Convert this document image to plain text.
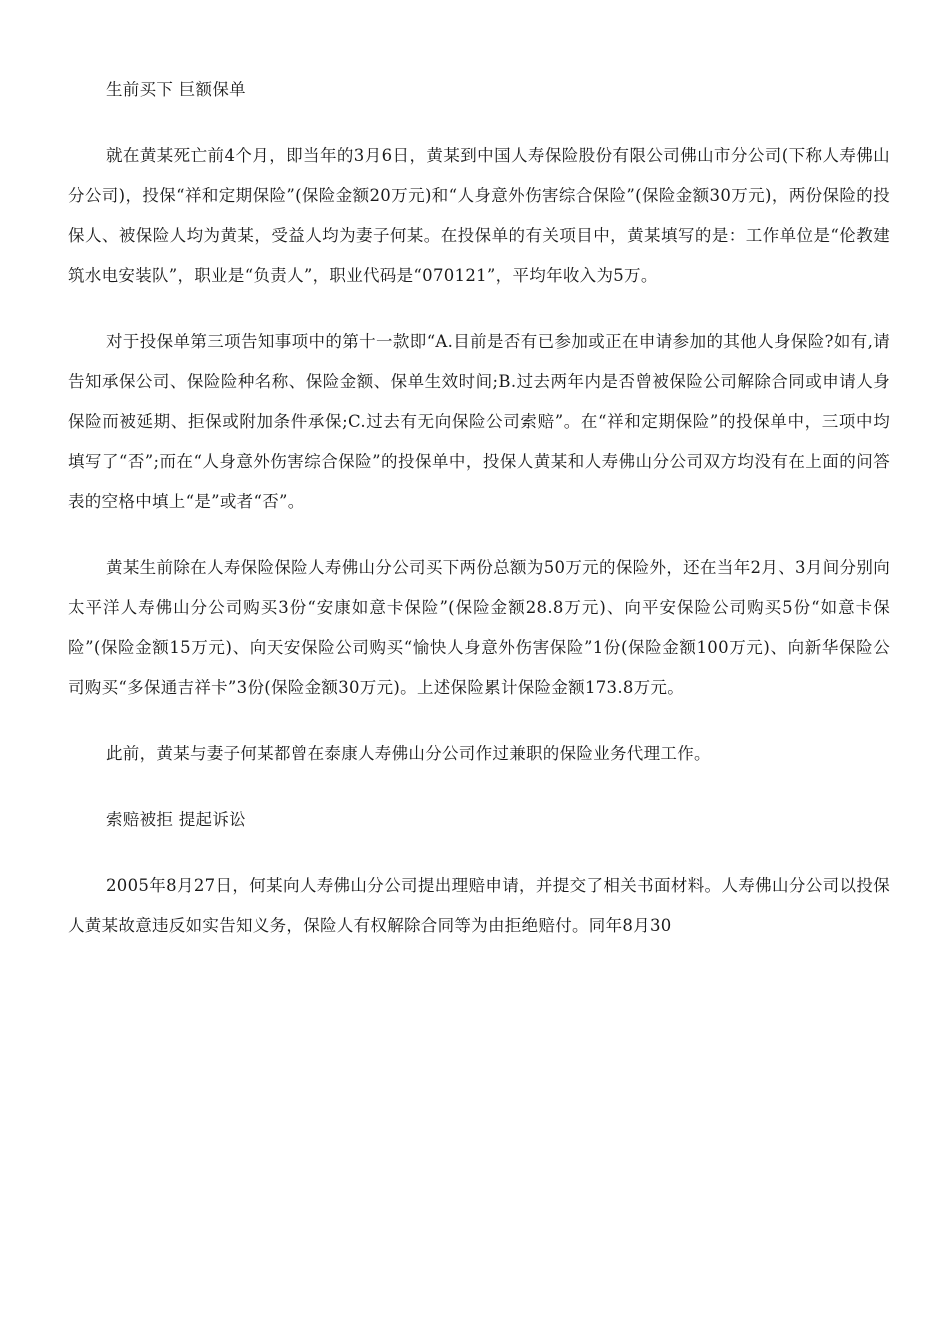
生前买下 巨额保单

就在黄某死亡前4个月，即当年的3月6日，黄某到中国人寿保险股份有限公司佛山市分公司(下称人寿佛山分公司)，投保“祥和定期保险”(保险金额20万元)和“人身意外伤害综合保险”(保险金额30万元)，两份保险的投保人、被保险人均为黄某，受益人均为妻子何某。在投保单的有关项目中，黄某填写的是：工作单位是“伦教建筑水电安装队”，职业是“负责人”，职业代码是“070121”，平均年收入为5万。

对于投保单第三项告知事项中的第十一款即“A.目前是否有已参加或正在申请参加的其他人身保险?如有,请告知承保公司、保险险种名称、保险金额、保单生效时间;B.过去两年内是否曾被保险公司解除合同或申请人身保险而被延期、拒保或附加条件承保;C.过去有无向保险公司索赔”。在“祥和定期保险”的投保单中，三项中均填写了“否”;而在“人身意外伤害综合保险”的投保单中，投保人黄某和人寿佛山分公司双方均没有在上面的问答表的空格中填上“是”或者“否”。

黄某生前除在人寿保险保险人寿佛山分公司买下两份总额为50万元的保险外，还在当年2月、3月间分别向太平洋人寿佛山分公司购买3份“安康如意卡保险”(保险金额28.8万元)、向平安保险公司购买5份“如意卡保险”(保险金额15万元)、向天安保险公司购买“愉快人身意外伤害保险”1份(保险金额100万元)、向新华保险公司购买“多保通吉祥卡”3份(保险金额30万元)。上述保险累计保险金额173.8万元。

此前，黄某与妻子何某都曾在泰康人寿佛山分公司作过兼职的保险业务代理工作。

索赔被拒 提起诉讼

2005年8月27日，何某向人寿佛山分公司提出理赔申请，并提交了相关书面材料。人寿佛山分公司以投保人黄某故意违反如实告知义务，保险人有权解除合同等为由拒绝赔付。同年8月30
